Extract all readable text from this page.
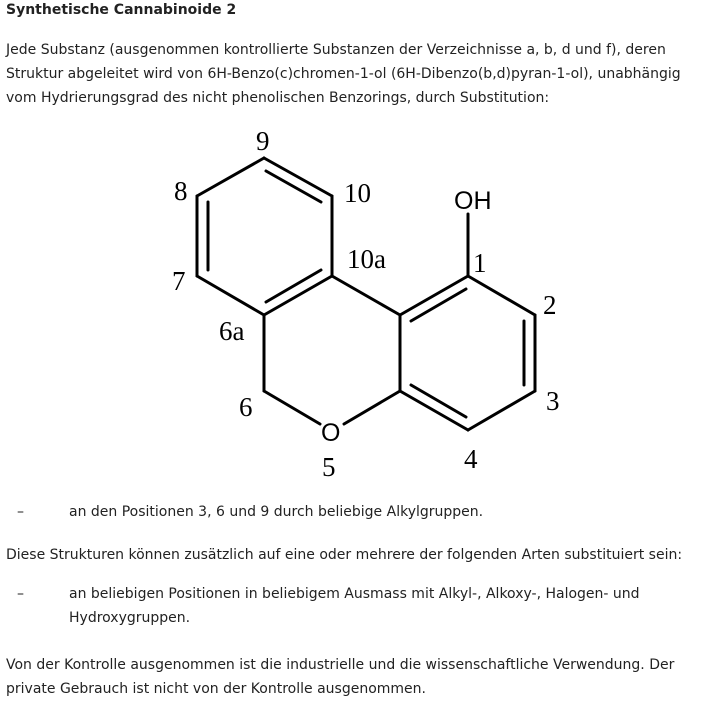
Synthetische Cannabinoide 2
Jede Substanz (ausgenommen kontrollierte Substanzen der Verzeichnisse a, b, d und f), deren Struktur abgeleitet wird von 6H-Benzo(c)chromen-1-ol (6H-Dibenzo(b,d)pyran-1-ol), unabhängig vom Hydrierungsgrad des nicht phenolischen Benzorings, durch Substitution:
9
8	10
7
10a
OH
1
2
6a
6
O
3
5	4
–	an den Positionen 3, 6 und 9 durch beliebige Alkylgruppen.
Diese Strukturen können zusätzlich auf eine oder mehrere der folgenden Arten substituiert sein:
–	an beliebigen Positionen in beliebigem Ausmass mit Alkyl-, Alkoxy-, Halogen- und Hydroxygruppen.
Von der Kontrolle ausgenommen ist die industrielle und die wissenschaftliche Verwendung. Der private Gebrauch ist nicht von der Kontrolle ausgenommen.
